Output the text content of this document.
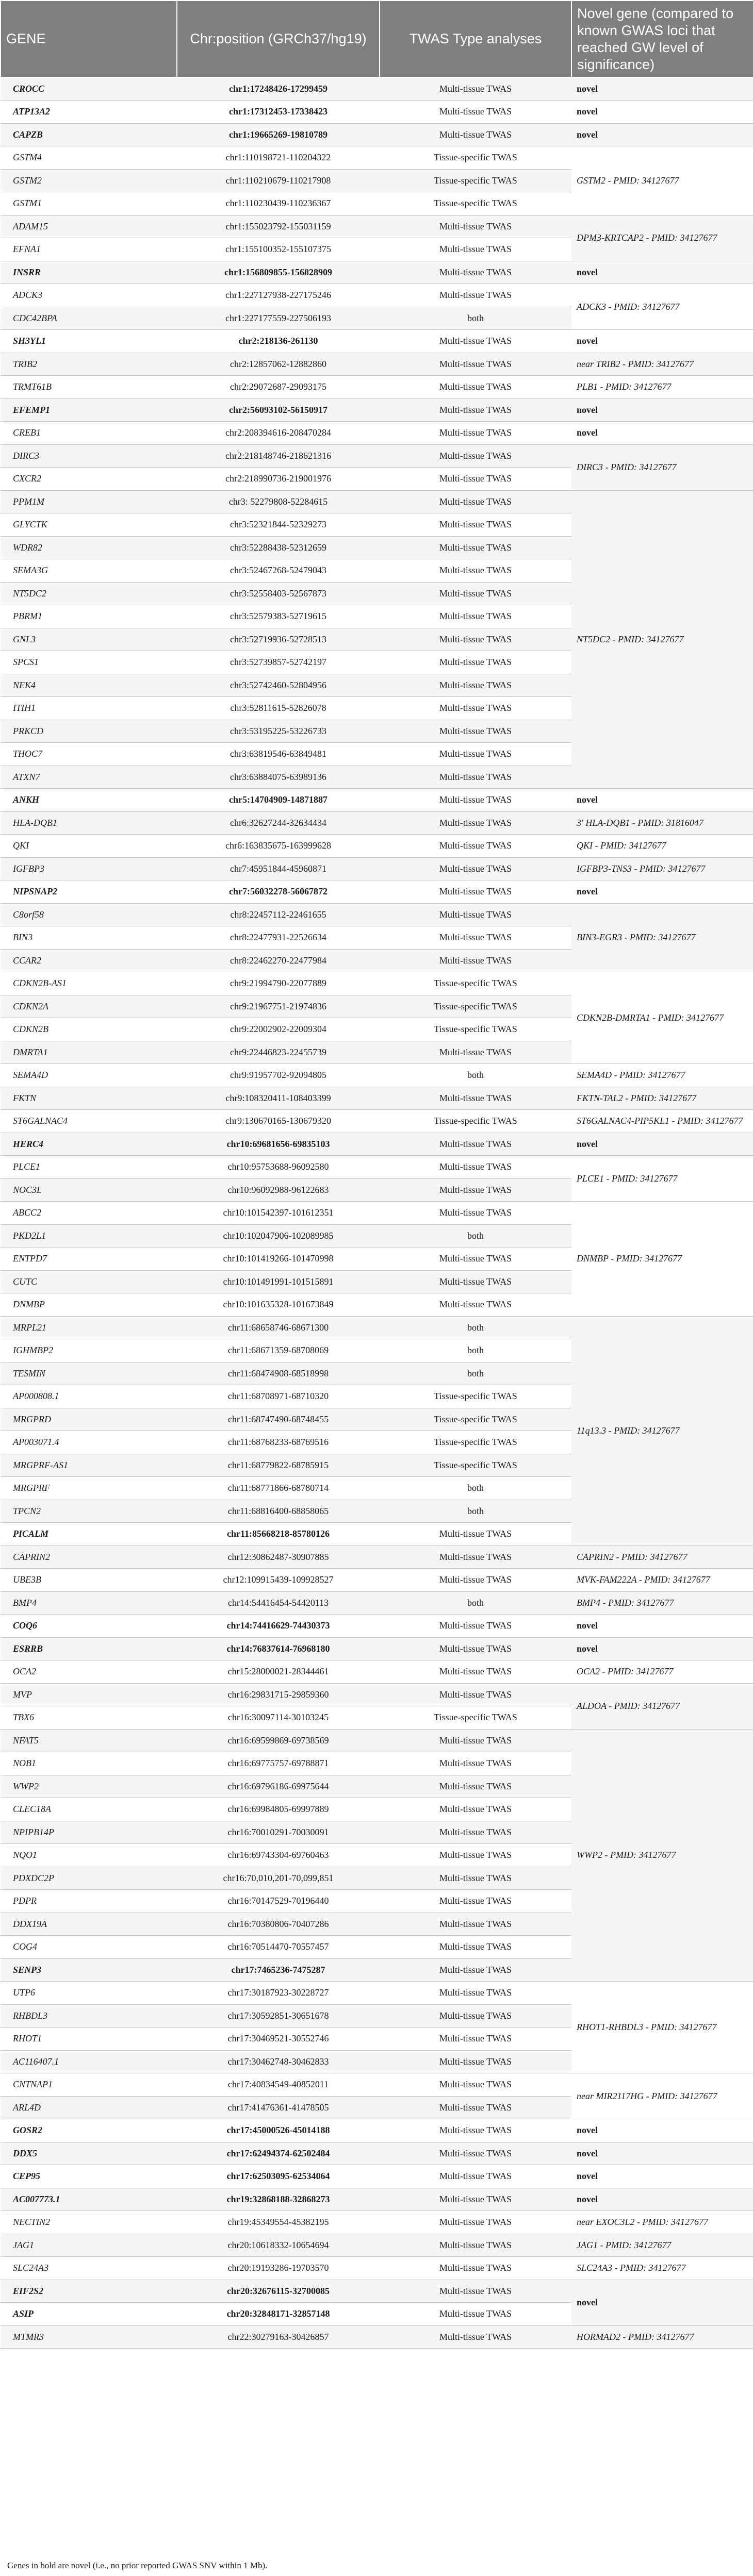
GENE	Chr:position (GRCh37/hg19)	TWAS Type analyses	Novel gene (compared to known GWAS loci that reached GW level of significance)	
CROCC	chr1:17248426-17299459	Multi-tissue TWAS	novel	
ATP13A2	chr1:17312453-17338423	Multi-tissue TWAS	novel	
CAPZB	chr1:19665269-19810789	Multi-tissue TWAS	novel	
GSTM4	chr1:110198721-110204322	Tissue-specific TWAS	GSTM2 - PMID: 34127677	
GSTM2	chr1:110210679-110217908	Tissue-specific TWAS		
GSTM1	chr1:110230439-110236367	Tissue-specific TWAS		
ADAM15	chr1:155023792-155031159	Multi-tissue TWAS	DPM3-KRTCAP2 - PMID: 34127677	
EFNA1	chr1:155100352-155107375	Multi-tissue TWAS		
INSRR	chr1:156809855-156828909	Multi-tissue TWAS	novel	
ADCK3	chr1:227127938-227175246	Multi-tissue TWAS	ADCK3 - PMID: 34127677	
CDC42BPA	chr1:227177559-227506193	both		
SH3YL1	chr2:218136-261130	Multi-tissue TWAS	novel	
TRIB2	chr2:12857062-12882860	Multi-tissue TWAS	near TRIB2 - PMID: 34127677	
TRMT61B	chr2:29072687-29093175	Multi-tissue TWAS	PLB1 - PMID: 34127677	
EFEMP1	chr2:56093102-56150917	Multi-tissue TWAS	novel	
CREB1	chr2:208394616-208470284	Multi-tissue TWAS	novel	
DIRC3	chr2:218148746-218621316	Multi-tissue TWAS	DIRC3 - PMID: 34127677	
CXCR2	chr2:218990736-219001976	Multi-tissue TWAS		
PPM1M	chr3: 52279808-52284615	Multi-tissue TWAS	NT5DC2 - PMID: 34127677	
GLYCTK	chr3:52321844-52329273	Multi-tissue TWAS		
WDR82	chr3:52288438-52312659	Multi-tissue TWAS		
SEMA3G	chr3:52467268-52479043	Multi-tissue TWAS		
NT5DC2	chr3:52558403-52567873	Multi-tissue TWAS		
PBRM1	chr3:52579383-52719615	Multi-tissue TWAS		
GNL3	chr3:52719936-52728513	Multi-tissue TWAS		
SPCS1	chr3:52739857-52742197	Multi-tissue TWAS		
NEK4	chr3:52742460-52804956	Multi-tissue TWAS		
ITIH1	chr3:52811615-52826078	Multi-tissue TWAS		
PRKCD	chr3:53195225-53226733	Multi-tissue TWAS		
THOC7	chr3:63819546-63849481	Multi-tissue TWAS		
ATXN7	chr3:63884075-63989136	Multi-tissue TWAS		
ANKH	chr5:14704909-14871887	Multi-tissue TWAS	novel	
HLA-DQB1	chr6:32627244-32634434	Multi-tissue TWAS	3' HLA-DQB1 - PMID: 31816047	
QKI	chr6:163835675-163999628	Multi-tissue TWAS	QKI - PMID: 34127677	
IGFBP3	chr7:45951844-45960871	Multi-tissue TWAS	IGFBP3-TNS3 - PMID: 34127677	
NIPSNAP2	chr7:56032278-56067872	Multi-tissue TWAS	novel	
C8orf58	chr8:22457112-22461655	Multi-tissue TWAS	BIN3-EGR3 - PMID: 34127677	
BIN3	chr8:22477931-22526634	Multi-tissue TWAS		
CCAR2	chr8:22462270-22477984	Multi-tissue TWAS		
CDKN2B-AS1	chr9:21994790-22077889	Tissue-specific TWAS	CDKN2B-DMRTA1 - PMID: 34127677	
CDKN2A	chr9:21967751-21974836	Tissue-specific TWAS		
CDKN2B	chr9:22002902-22009304	Tissue-specific TWAS		
DMRTA1	chr9:22446823-22455739	Multi-tissue TWAS		
SEMA4D	chr9:91957702-92094805	both	SEMA4D - PMID: 34127677	
FKTN	chr9:108320411-108403399	Multi-tissue TWAS	FKTN-TAL2 - PMID: 34127677	
ST6GALNAC4	chr9:130670165-130679320	Tissue-specific TWAS	ST6GALNAC4-PIP5KL1 - PMID: 34127677	
HERC4	chr10:69681656-69835103	Multi-tissue TWAS	novel	
PLCE1	chr10:95753688-96092580	Multi-tissue TWAS	PLCE1 - PMID: 34127677	
NOC3L	chr10:96092988-96122683	Multi-tissue TWAS		
ABCC2	chr10:101542397-101612351	Multi-tissue TWAS	DNMBP - PMID: 34127677	
PKD2L1	chr10:102047906-102089985	both		
ENTPD7	chr10:101419266-101470998	Multi-tissue TWAS		
CUTC	chr10:101491991-101515891	Multi-tissue TWAS		
DNMBP	chr10:101635328-101673849	Multi-tissue TWAS		
MRPL21	chr11:68658746-68671300	both	11q13.3 - PMID: 34127677	
IGHMBP2	chr11:68671359-68708069	both		
TESMIN	chr11:68474908-68518998	both		
AP000808.1	chr11:68708971-68710320	Tissue-specific TWAS		
MRGPRD	chr11:68747490-68748455	Tissue-specific TWAS		
AP003071.4	chr11:68768233-68769516	Tissue-specific TWAS		
MRGPRF-AS1	chr11:68779822-68785915	Tissue-specific TWAS		
MRGPRF	chr11:68771866-68780714	both		
TPCN2	chr11:68816400-68858065	both		
PICALM	chr11:85668218-85780126	Multi-tissue TWAS	
CAPRIN2	chr12:30862487-30907885	Multi-tissue TWAS	CAPRIN2 - PMID: 34127677	
UBE3B	chr12:109915439-109928527	Multi-tissue TWAS	MVK-FAM222A - PMID: 34127677	
BMP4	chr14:54416454-54420113	both	BMP4 - PMID: 34127677	
COQ6	chr14:74416629-74430373	Multi-tissue TWAS	novel	
ESRRB	chr14:76837614-76968180	Multi-tissue TWAS	novel	
OCA2	chr15:28000021-28344461	Multi-tissue TWAS	OCA2 - PMID: 34127677	
MVP	chr16:29831715-29859360	Multi-tissue TWAS	ALDOA - PMID: 34127677	
TBX6	chr16:30097114-30103245	Tissue-specific TWAS		
NFAT5	chr16:69599869-69738569	Multi-tissue TWAS	WWP2 - PMID: 34127677	
NOB1	chr16:69775757-69788871	Multi-tissue TWAS		
WWP2	chr16:69796186-69975644	Multi-tissue TWAS		
CLEC18A	chr16:69984805-69997889	Multi-tissue TWAS		
NPIPB14P	chr16:70010291-70030091	Multi-tissue TWAS		
NQO1	chr16:69743304-69760463	Multi-tissue TWAS		
PDXDC2P	chr16:70,010,201-70,099,851	Multi-tissue TWAS		
PDPR	chr16:70147529-70196440	Multi-tissue TWAS		
DDX19A	chr16:70380806-70407286	Multi-tissue TWAS		
COG4	chr16:70514470-70557457	Multi-tissue TWAS		
SENP3	chr17:7465236-7475287	Multi-tissue TWAS	
UTP6	chr17:30187923-30228727	Multi-tissue TWAS	RHOT1-RHBDL3 - PMID: 34127677	
RHBDL3	chr17:30592851-30651678	Multi-tissue TWAS		
RHOT1	chr17:30469521-30552746	Multi-tissue TWAS		
AC116407.1	chr17:30462748-30462833	Multi-tissue TWAS		
CNTNAP1	chr17:40834549-40852011	Multi-tissue TWAS	near MIR2117HG - PMID: 34127677	
ARL4D	chr17:41476361-41478505	Multi-tissue TWAS		
GOSR2	chr17:45000526-45014188	Multi-tissue TWAS	novel	
DDX5	chr17:62494374-62502484	Multi-tissue TWAS	novel	
CEP95	chr17:62503095-62534064	Multi-tissue TWAS	novel	
AC007773.1	chr19:32868188-32868273	Multi-tissue TWAS	novel	
NECTIN2	chr19:45349554-45382195	Multi-tissue TWAS	near EXOC3L2 - PMID: 34127677	
JAG1	chr20:10618332-10654694	Multi-tissue TWAS	JAG1 - PMID: 34127677	
SLC24A3	chr20:19193286-19703570	Multi-tissue TWAS	SLC24A3 - PMID: 34127677	
EIF2S2	chr20:32676115-32700085	Multi-tissue TWAS	novel	
ASIP	chr20:32848171-32857148	Multi-tissue TWAS		
MTMR3	chr22:30279163-30426857	Multi-tissue TWAS	HORMAD2 - PMID: 34127677	
Genes in bold are novel (i.e., no prior reported GWAS SNV within 1 Mb).
